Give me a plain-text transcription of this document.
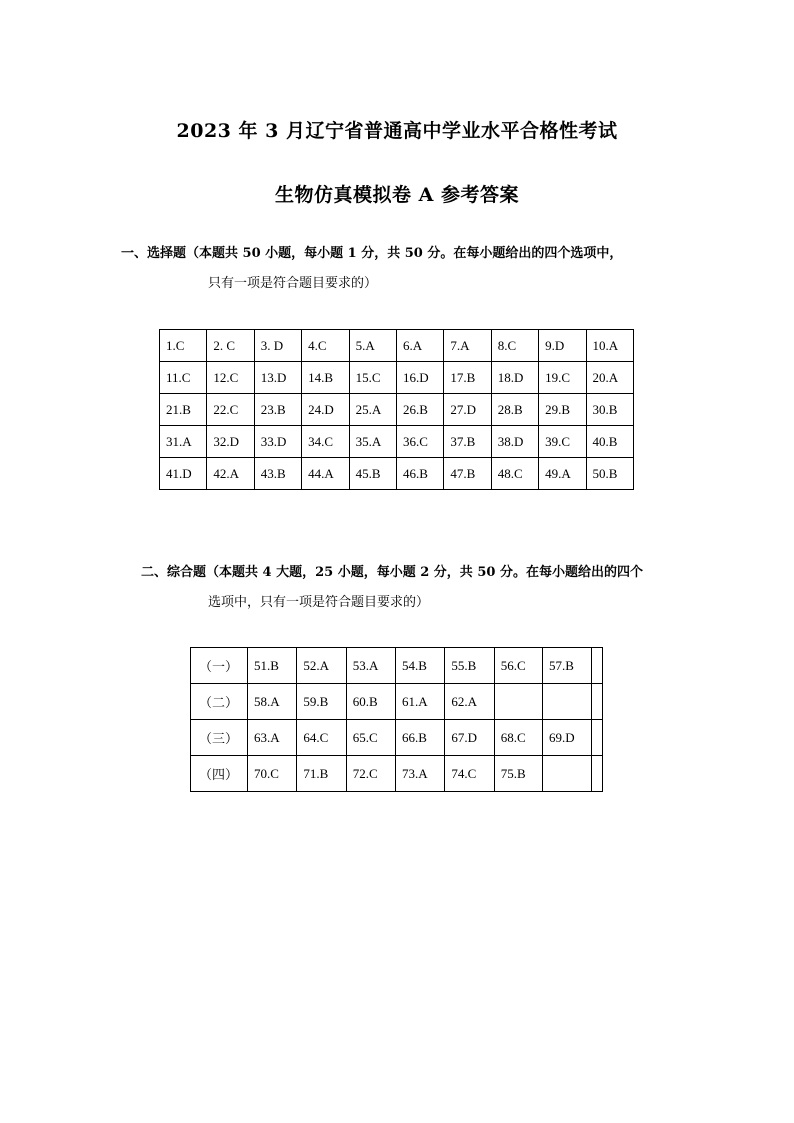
2023 年 3 月辽宁省普通高中学业水平合格性考试
生物仿真模拟卷 A 参考答案
一、选择题（本题共 50 小题，每小题 1 分，共 50 分。在每小题给出的四个选项中，
只有一项是符合题目要求的）
1.C	2. C	3. D	4.C	5.A	6.A	7.A	8.C	9.D	10.A
11.C	12.C	13.D	14.B	15.C	16.D	17.B	18.D	19.C	20.A
21.B	22.C	23.B	24.D	25.A	26.B	27.D	28.B	29.B	30.B
31.A	32.D	33.D	34.C	35.A	36.C	37.B	38.D	39.C	40.B
41.D	42.A	43.B	44.A	45.B	46.B	47.B	48.C	49.A	50.B
二、综合题（本题共 4 大题，25 小题，每小题 2 分，共 50 分。在每小题给出的四个
选项中，只有一项是符合题目要求的）
（一）	51.B	52.A	53.A	54.B	55.B	56.C	57.B	
（二）	58.A	59.B	60.B	61.A	62.A			
（三）	63.A	64.C	65.C	66.B	67.D	68.C	69.D	
（四）	70.C	71.B	72.C	73.A	74.C	75.B		
